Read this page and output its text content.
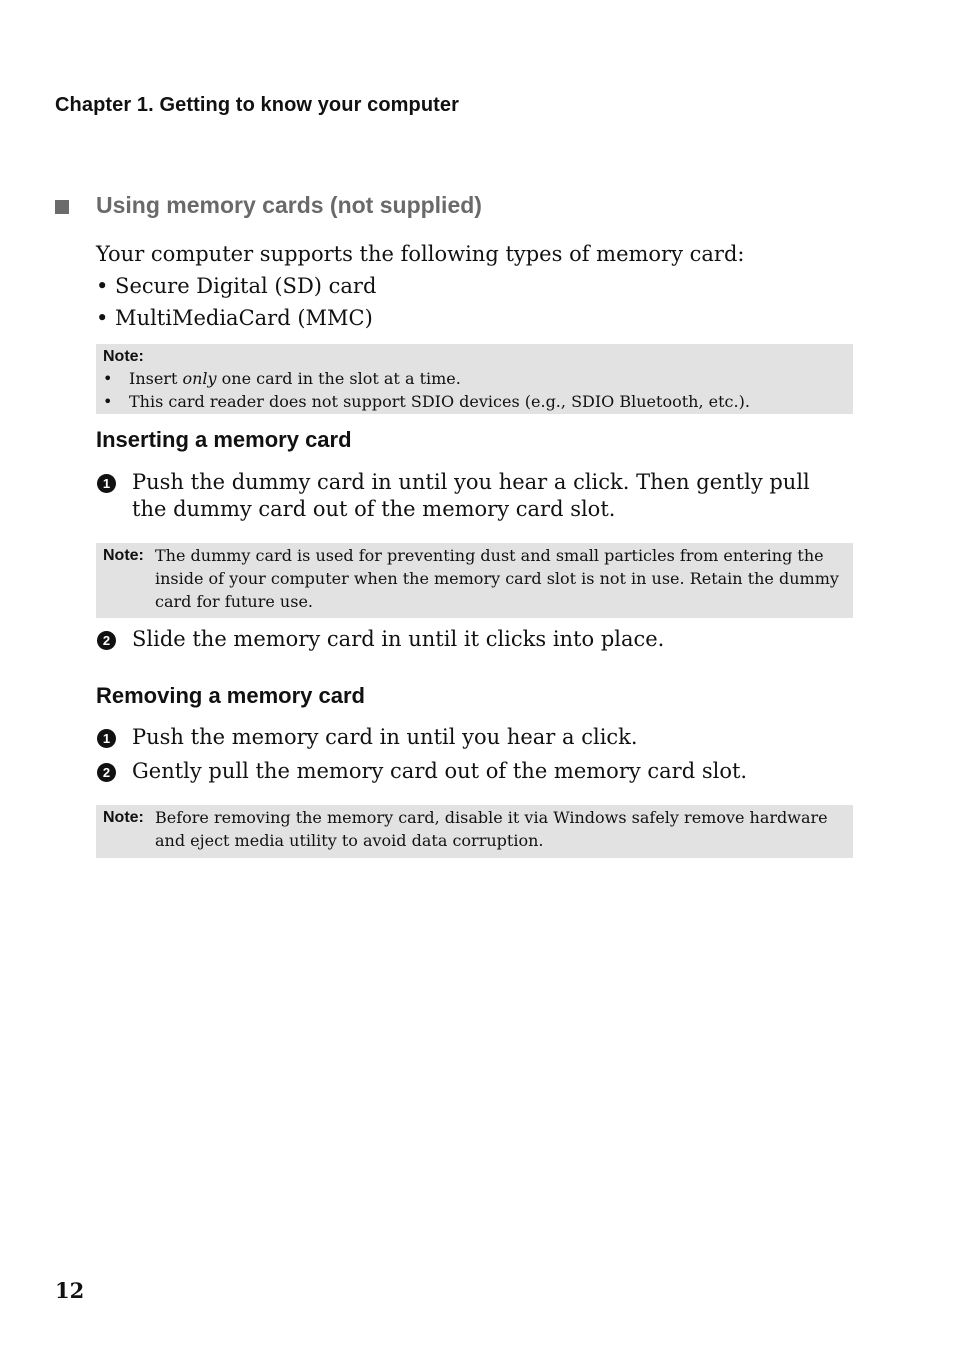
Chapter 1. Getting to know your computer
Using memory cards (not supplied)
Your computer supports the following types of memory card:
• Secure Digital (SD) card
• MultiMediaCard (MMC)
Note:
•	Insert only one card in the slot at a time.
•	This card reader does not support SDIO devices (e.g., SDIO Bluetooth, etc.).
Inserting a memory card
1 Push the dummy card in until you hear a click. Then gently pull the dummy card out of the memory card slot.
Note: The dummy card is used for preventing dust and small particles from entering the inside of your computer when the memory card slot is not in use. Retain the dummy card for future use.
2 Slide the memory card in until it clicks into place.
Removing a memory card
1 Push the memory card in until you hear a click.
2 Gently pull the memory card out of the memory card slot.
Note: Before removing the memory card, disable it via Windows safely remove hardware and eject media utility to avoid data corruption.
12
